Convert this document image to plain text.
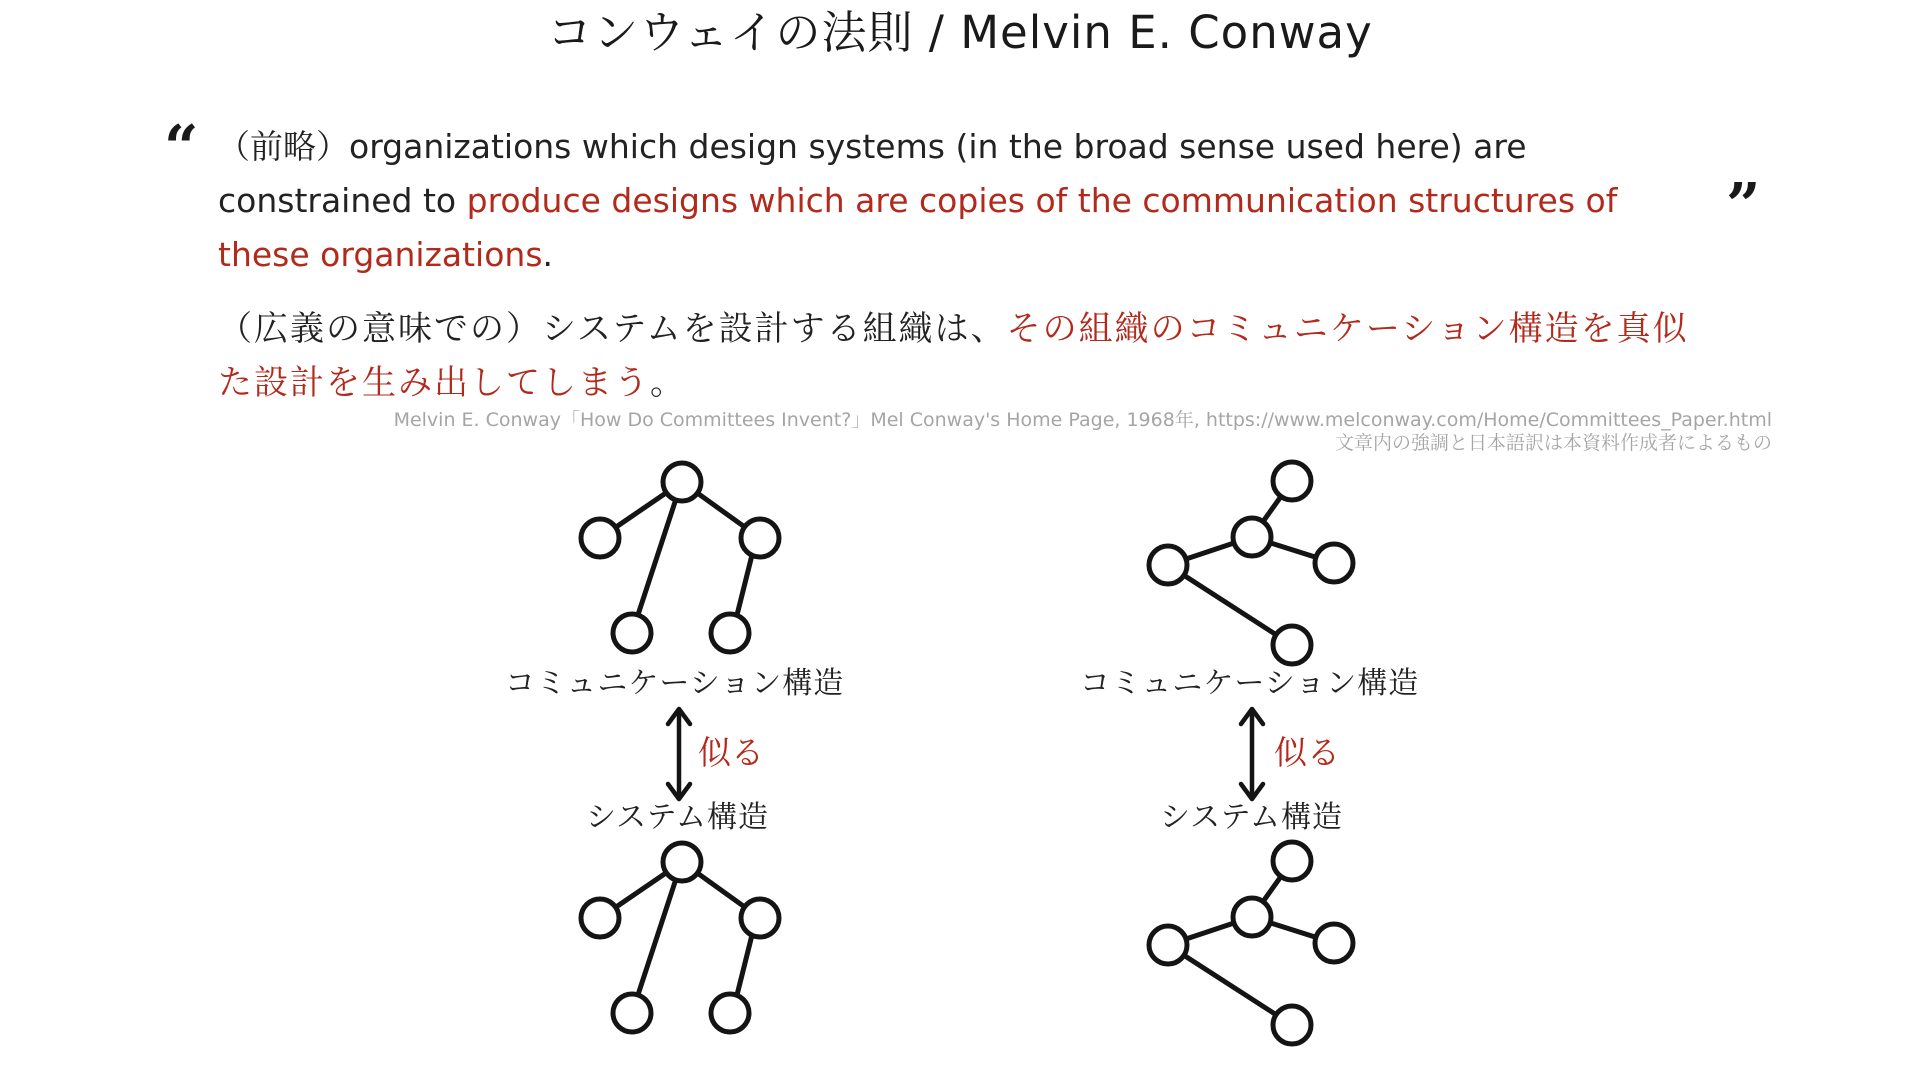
コンウェイの法則 / Melvin E. Conway
“
”
（前略）organizations which design systems (in the broad sense used here) are constrained to produce designs which are copies of the communication structures of these organizations.
（広義の意味での）システムを設計する組織は、その組織のコミュニケーション構造を真似た設計を生み出してしまう。
Melvin E. Conway「How Do Committees Invent?」Mel Conway's Home Page, 1968年, https://www.melconway.com/Home/Committees_Paper.html
文章内の強調と日本語訳は本資料作成者によるもの
コミュニケーション構造
似る
システム構造
コミュニケーション構造
似る
システム構造
